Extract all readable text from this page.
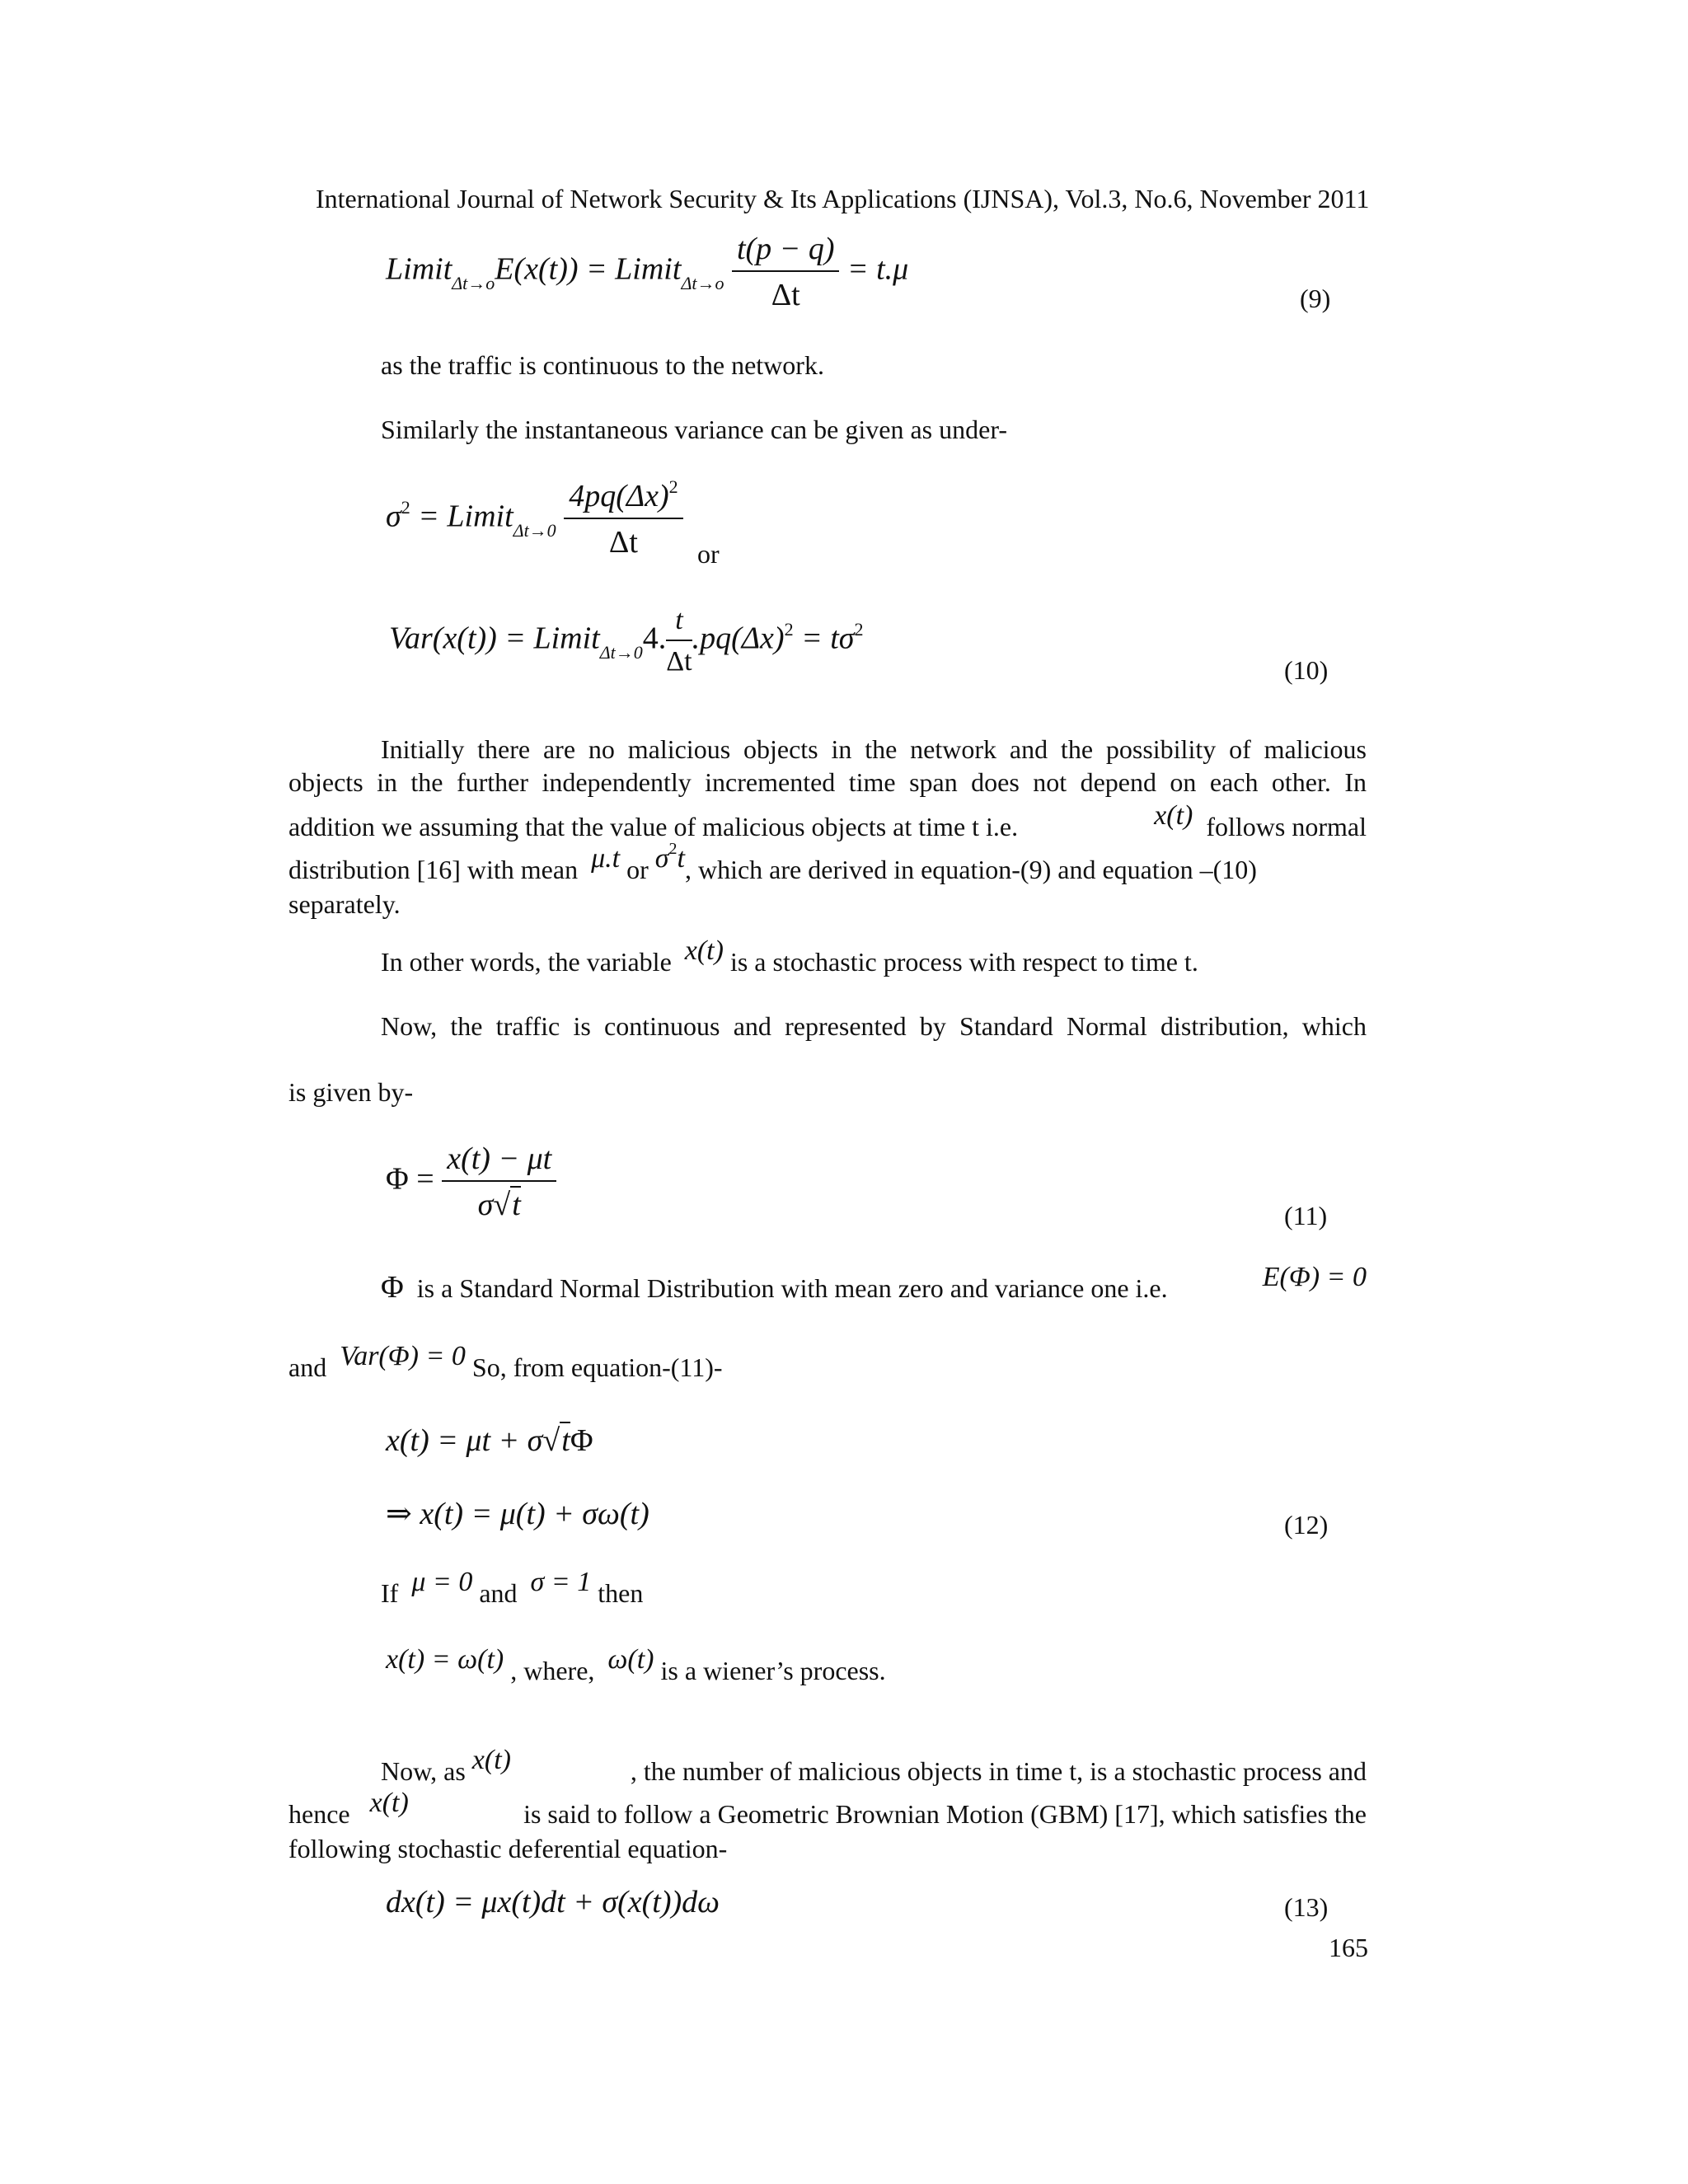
International Journal of Network Security & Its Applications (IJNSA), Vol.3, No.6, November 2011
Limit$_{\Delta t\to o}$E(x(t)) = Limit$_{\Delta t\to o}$ $\frac{t(p - q)}{\Delta t} = t.\mu$
(9)
as the traffic is continuous to the network.
Similarly the instantaneous variance can be given as under-
$\sigma^2$ = Limit$_{\Delta t\to 0}$ $\frac{4pq(\Delta x)^2}{\Delta t}$ or
Var(x(t)) = Limit$_{\Delta t\to 0}$4. $\frac{t}{\Delta t} .pq(\Delta x)^2 = t\sigma^2$
(10)
Initially there are no malicious objects in the network and the possibility of malicious
objects in the further independently incremented time span does not depend on each other. In
addition we assuming that the value of malicious objects at time t i.e.	x(t) follows normal
distribution [16] with mean μ.t or $\sigma^2t$, which are derived in equation-(9) and equation –(10)
separately.
In other words, the variable x(t) is a stochastic process with respect to time t.
Now, the traffic is continuous and represented by Standard Normal distribution, which
is given by-
$\Phi = \frac{x(t) - \mu t}{\sigma√t}$	(11)
Φ is a Standard Normal Distribution with mean zero and variance one i.e.	E(Φ) = 0
and Var(Φ) = 0 So, from equation-(11)-
x(t) = μt + σ√tΦ
⇒ x(t) = μ(t) + σω(t)	(12)
If μ = 0 and σ = 1 then
x(t) = ω(t) , where, ω(t) is a wiener’s process.
Now, as x(t)	, the number of malicious objects in time t, is a stochastic process and
hence x(t)	is said to follow a Geometric Brownian Motion (GBM) [17], which satisfies the
following stochastic deferential equation-
dx(t) = μx(t)dt + σ(x(t))dω	(13)
165
